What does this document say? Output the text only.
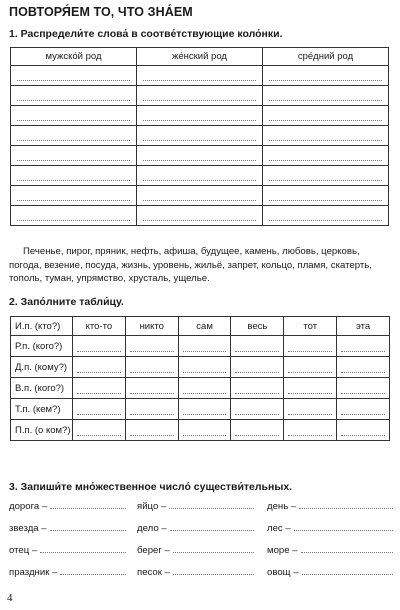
ПОВТОРЯ́ЕМ ТО, ЧТО ЗНА́ЕМ
1. Распредели́те слова́ в соотве́тствующие коло́нки.
мужско́й род	же́нский род	сре́дний род

Печенье, пирог, пряник, нефть, афиша, будущее, камень, любовь, церковь, погода, везение, посуда, жизнь, уровень, жильё, запрет, кольцо, пламя, скатерть, тополь, туман, упрямство, хрусталь, ущелье.
2. Запо́лните табли́цу.
И.п. (кто?)	кто-то	никто	сам	весь	тот	эта
Р.п. (кого?)	

Д.п. (кому?)	

В.п. (кого?)	

Т.п. (кем?)	

П.п. (о ком?)	

3. Запиши́те мно́жественное число́ существи́тельных.
дорога –	яйцо –	день –
звезда –	дело –	лес –
отец –	берег –	море –
праздник –	песок –	овощ –
4
